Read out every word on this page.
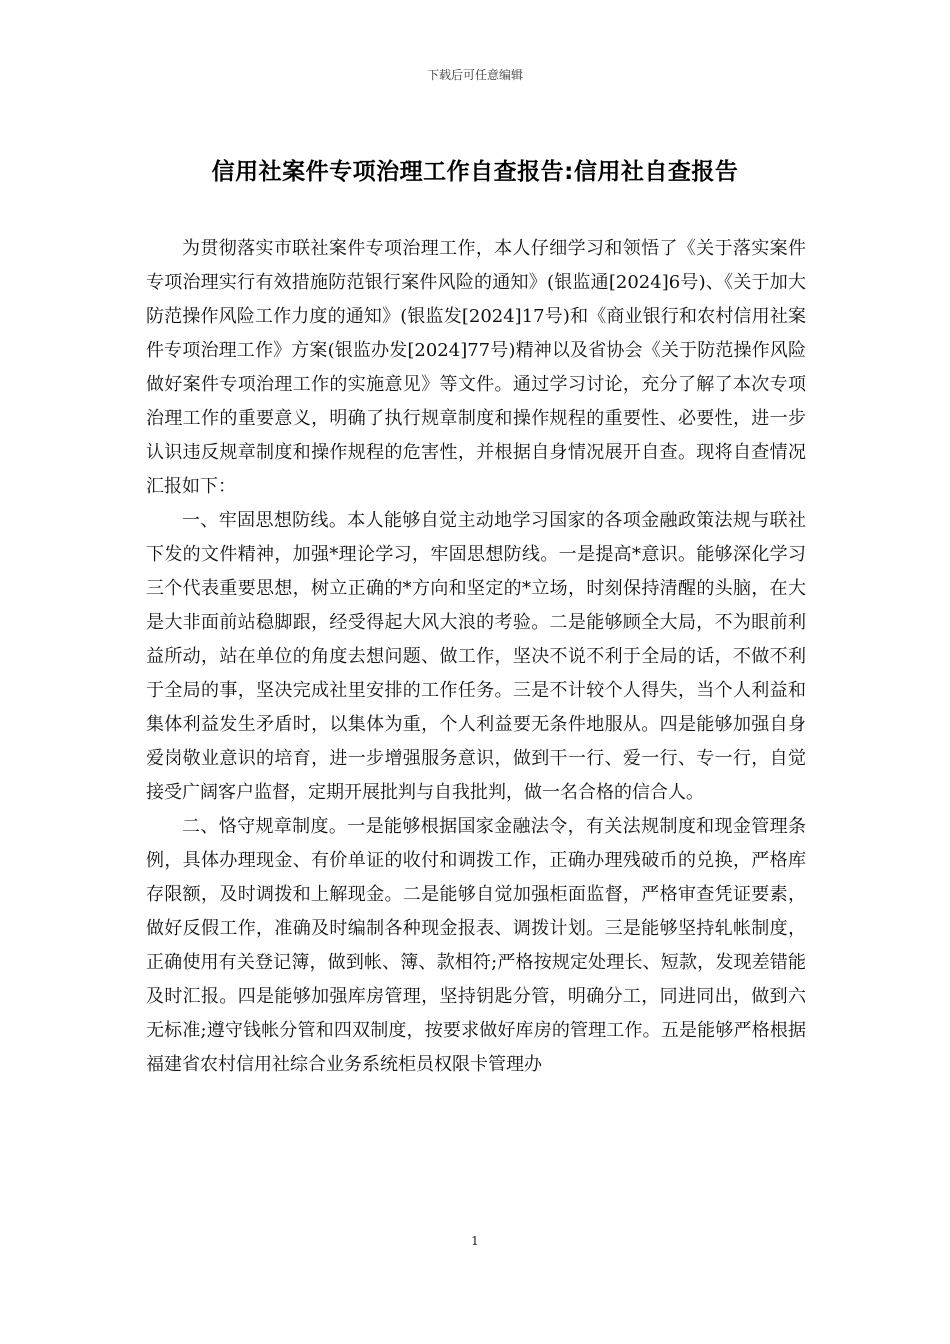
下载后可任意编辑
信用社案件专项治理工作自查报告:信用社自查报告

为贯彻落实市联社案件专项治理工作，本人仔细学习和领悟了《关于落实案件专项治理实行有效措施防范银行案件风险的通知》(银监通[2024]6号)、《关于加大防范操作风险工作力度的通知》(银监发[2024]17号)和《商业银行和农村信用社案件专项治理工作》方案(银监办发[2024]77号)精神以及省协会《关于防范操作风险做好案件专项治理工作的实施意见》等文件。通过学习讨论，充分了解了本次专项治理工作的重要意义，明确了执行规章制度和操作规程的重要性、必要性，进一步认识违反规章制度和操作规程的危害性，并根据自身情况展开自查。现将自查情况汇报如下：

一、牢固思想防线。本人能够自觉主动地学习国家的各项金融政策法规与联社下发的文件精神，加强*理论学习，牢固思想防线。一是提高*意识。能够深化学习三个代表重要思想，树立正确的*方向和坚定的*立场，时刻保持清醒的头脑，在大是大非面前站稳脚跟，经受得起大风大浪的考验。二是能够顾全大局，不为眼前利益所动，站在单位的角度去想问题、做工作，坚决不说不利于全局的话，不做不利于全局的事，坚决完成社里安排的工作任务。三是不计较个人得失，当个人利益和集体利益发生矛盾时，以集体为重，个人利益要无条件地服从。四是能够加强自身爱岗敬业意识的培育，进一步增强服务意识，做到干一行、爱一行、专一行，自觉接受广阔客户监督，定期开展批判与自我批判，做一名合格的信合人。

二、恪守规章制度。一是能够根据国家金融法令，有关法规制度和现金管理条例，具体办理现金、有价单证的收付和调拨工作，正确办理残破币的兑换，严格库存限额，及时调拨和上解现金。二是能够自觉加强柜面监督，严格审查凭证要素，做好反假工作，准确及时编制各种现金报表、调拨计划。三是能够坚持轧帐制度，正确使用有关登记簿，做到帐、簿、款相符;严格按规定处理长、短款，发现差错能及时汇报。四是能够加强库房管理，坚持钥匙分管，明确分工，同进同出，做到六无标准;遵守钱帐分管和四双制度，按要求做好库房的管理工作。五是能够严格根据福建省农村信用社综合业务系统柜员权限卡管理办

1
